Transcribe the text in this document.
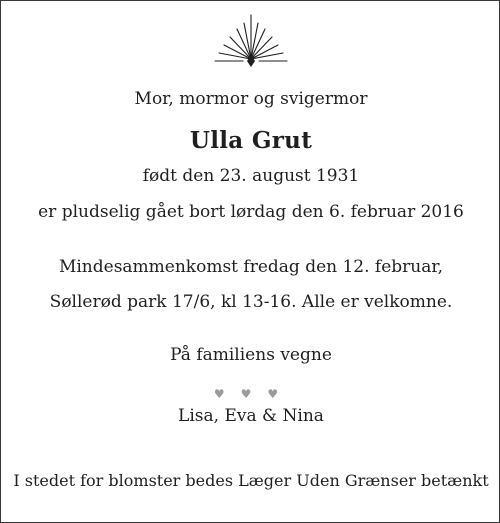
Mor, mormor og svigermor
Ulla Grut
født den 23. august 1931
er pludselig gået bort lørdag den 6. februar 2016
Mindesammenkomst fredag den 12. februar,
Søllerød park 17/6, kl 13-16. Alle er velkomne.
På familiens vegne
♥ ♥ ♥
Lisa, Eva & Nina
I stedet for blomster bedes Læger Uden Grænser betænkt
